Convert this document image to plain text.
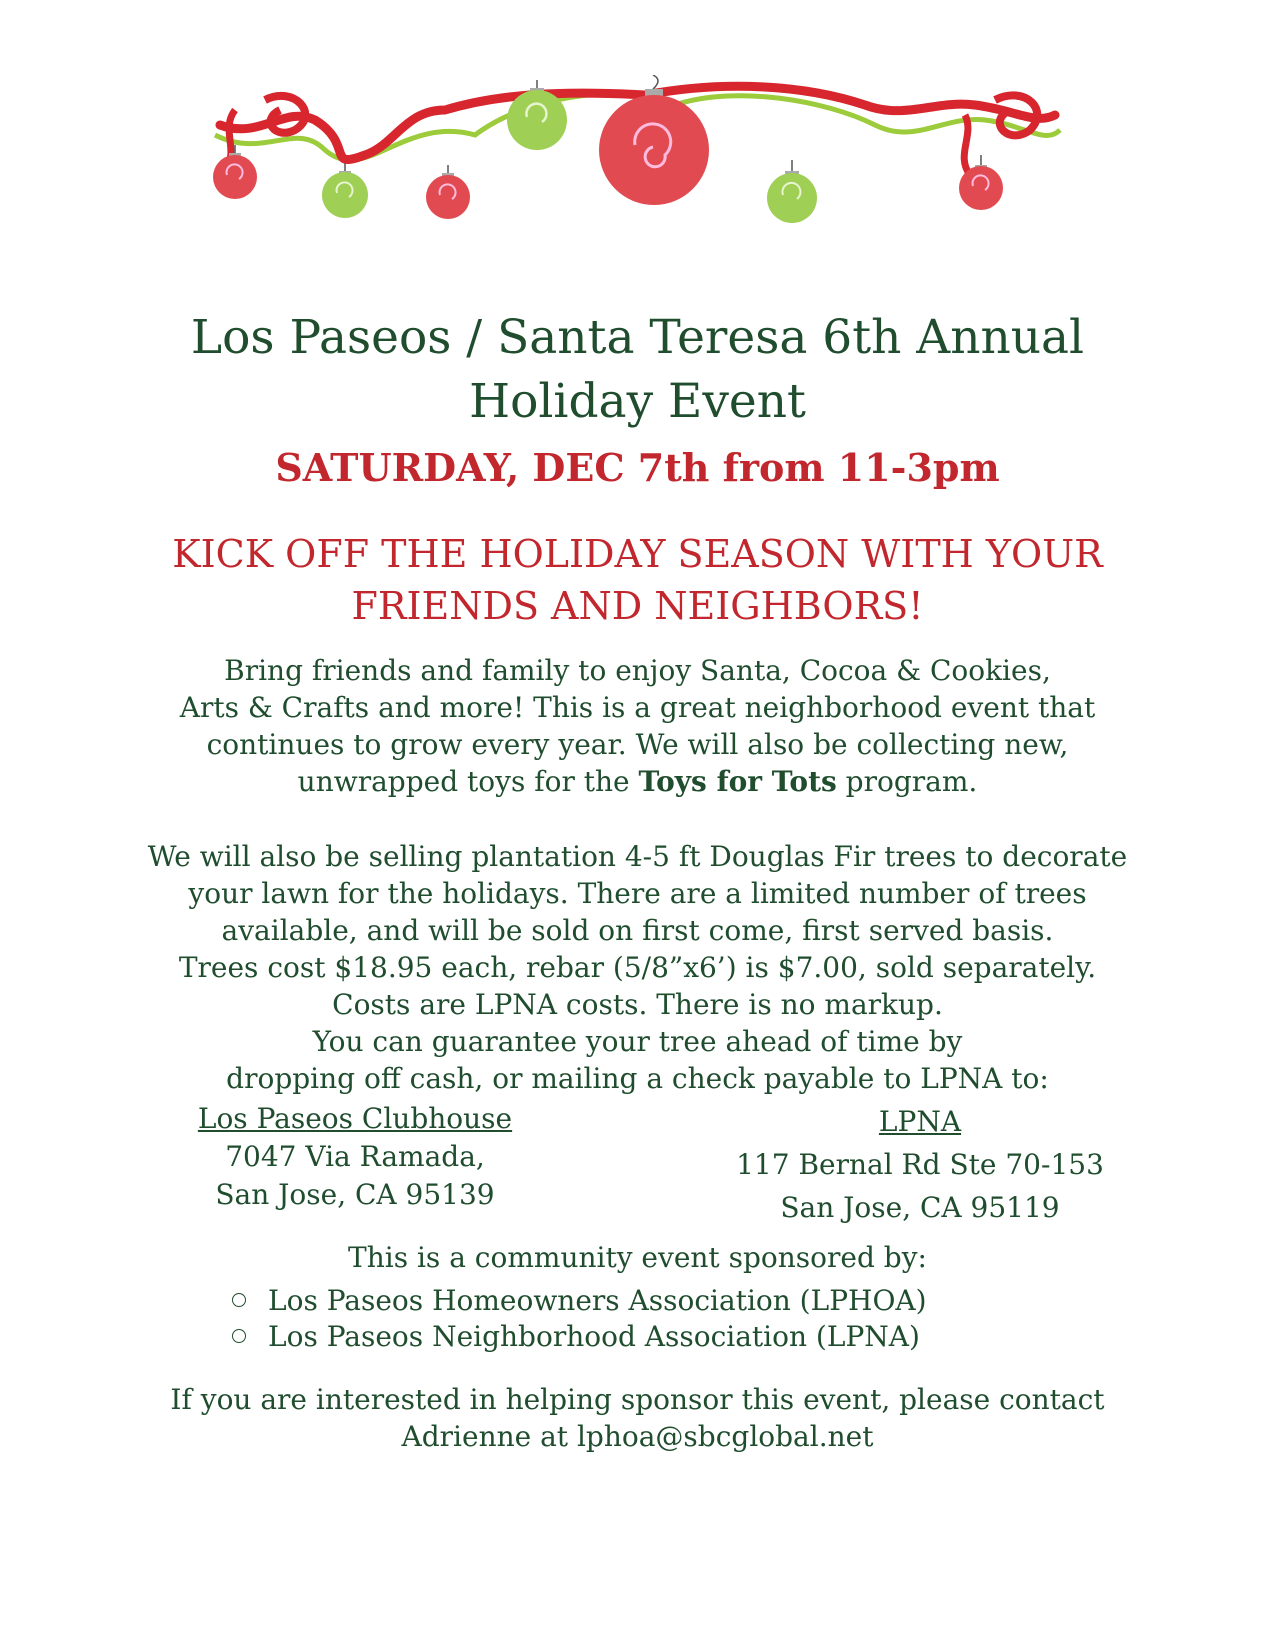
Los Paseos / Santa Teresa 6th Annual
Holiday Event
SATURDAY, DEC 7th from 11-3pm
KICK OFF THE HOLIDAY SEASON WITH YOUR
FRIENDS AND NEIGHBORS!
Bring friends and family to enjoy Santa, Cocoa & Cookies,
Arts & Crafts and more! This is a great neighborhood event that
continues to grow every year. We will also be collecting new,
unwrapped toys for the Toys for Tots program.
We will also be selling plantation 4-5 ft Douglas Fir trees to decorate
your lawn for the holidays. There are a limited number of trees
available, and will be sold on first come, first served basis.
Trees cost $18.95 each, rebar (5/8”x6’) is $7.00, sold separately.
Costs are LPNA costs. There is no markup.
You can guarantee your tree ahead of time by
dropping off cash, or mailing a check payable to LPNA to:
Los Paseos Clubhouse
7047 Via Ramada,
San Jose, CA 95139
LPNA
117 Bernal Rd Ste 70-153
San Jose, CA 95119
This is a community event sponsored by:
Los Paseos Homeowners Association (LPHOA)
Los Paseos Neighborhood Association (LPNA)
If you are interested in helping sponsor this event, please contact
Adrienne at lphoa@sbcglobal.net
